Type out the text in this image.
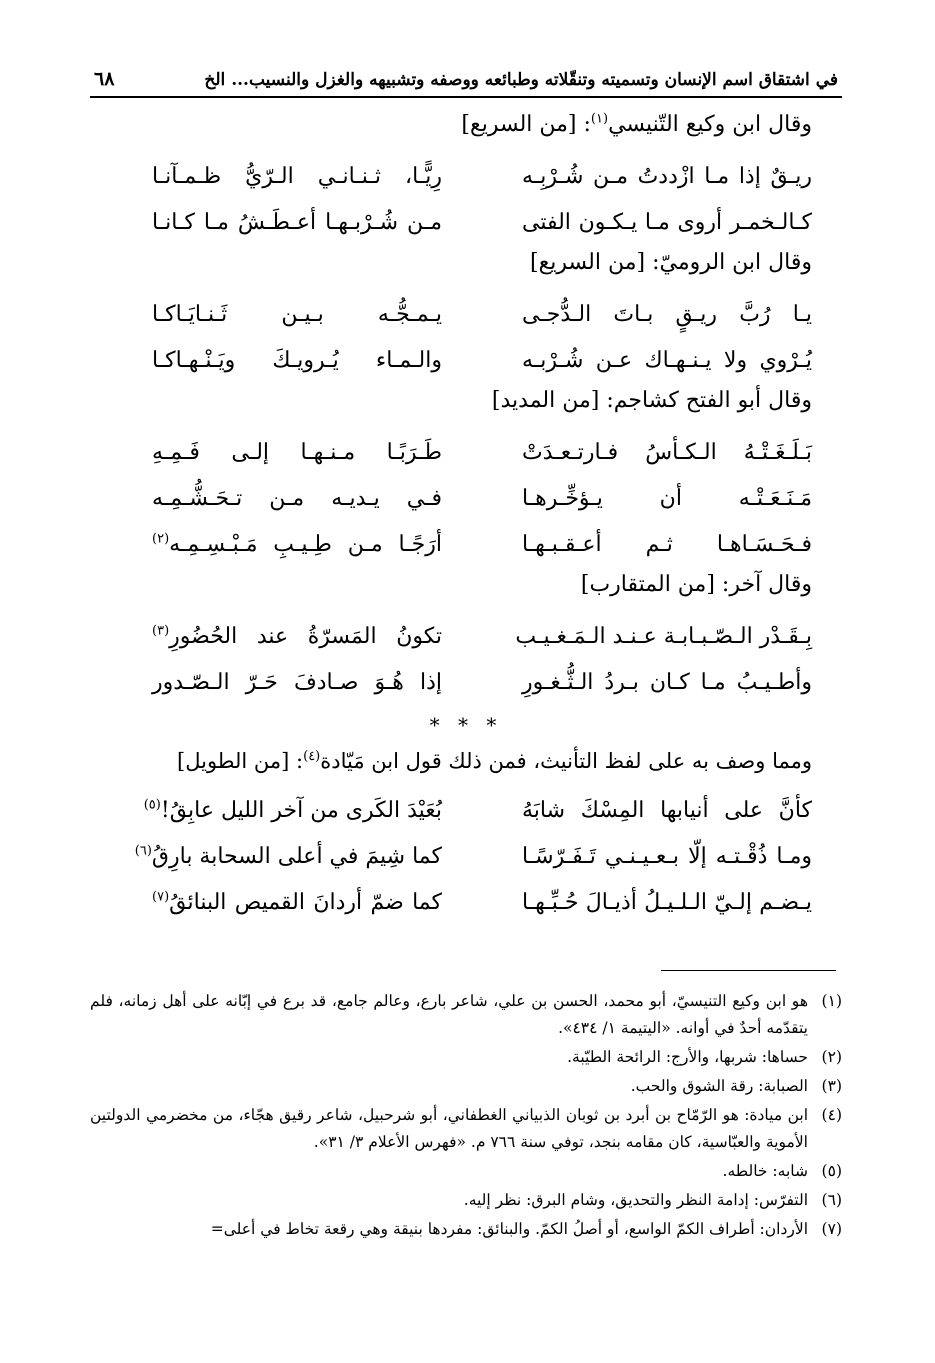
في اشتقاق اسم الإنسان وتسميته وتنقّلاته وطبائعه ووصفه وتشبيهه والغزل والنسيب... الخ
٦٨
وقال ابن وكيع التّنيسي$^{(١)}$: [من السريع]
ريـقٌ إذا مـا ازْددتُ مـن شُـرْبِـه
رِيًّـا، ثـنـانـي الـرّيُّ ظـمـآنـا
كـالـخمـر أروى مـا يـكـون الفتى
مـن شُـرْبـهـا أعـطَـشُ مـا كـانـا
وقال ابن الروميّ: [من السريع]
يـا رُبَّ ريـقٍ بـاتَ الـدُّجـى
يـمـجُّـه بـيـن ثَـنـايَـاكـا
يُـرْوي ولا يـنـهـاك عـن شُـرْبـه
والـمـاء يُـرويـكَ ويَـنْـهـاكـا
وقال أبو الفتح كشاجم: [من المديد]
بَـلَـغَـتْـهُ الـكـأسُ فـارتـعـدَتْ
طَـرَبًـا مـنـهـا إلـى فَـمِـهِ
مَـنَـعَـتْـه أن يـؤخِّـرهـا
فـي يـديـه مـن تـحَـشُّـمِـه
فـحَـسَـاهـا ثـم أعـقـبـهـا
أرَجًـا مـن طِـيـبِ مَـبْـسِـمِـه$^{(٢)}$
وقال آخر: [من المتقارب]
بِـقَـدْر الـصّـبـابـة عـنـد الـمَـغـيـب
تكونُ المَسرّةُ عند الحُضُورِ$^{(٣)}$
وأطـيـبُ مـا كـان بـردُ الـثُّـغـورِ
إذا هُـوَ صـادفَ حَـرّ الـصّـدور
* * *
ومما وصف به على لفظ التأنيث، فمن ذلك قول ابن مَيّادة$^{(٤)}$: [من الطويل]
كأنَّ على أنيابها المِسْكَ شابَهُ
بُعَيْدَ الكَرى من آخر الليل عابِقُ!$^{(٥)}$
ومـا ذُقْـتـه إلّا بـعـيـنـي تَـفَـرّسًـا
كما شِيمَ في أعلى السحابة بارِقُ$^{(٦)}$
يـضـم إلـيّ الـلـيـلُ أذيـالَ حُـبِّـهـا
كما ضمّ أردانَ القميص البنائقُ$^{(٧)}$
(١)
هو ابن وكيع التنيسيّ، أبو محمد، الحسن بن علي، شاعر بارع، وعالم جامع، قد برع في إبّانه على أهل زمانه، فلم يتقدّمه أحدٌ في أوانه. «اليتيمة ١/ ٤٣٤».
(٢)
حساها: شربها، والأرج: الرائحة الطيّبة.
(٣)
الصبابة: رقة الشوق والحب.
(٤)
ابن ميادة: هو الرّمّاح بن أبرد بن ثوبان الذبياني الغطفاني، أبو شرحبيل، شاعر رقيق هجّاء، من مخضرمي الدولتين الأموية والعبّاسية، كان مقامه بنجد، توفي سنة ٧٦٦ م. «فهرس الأعلام ٣/ ٣١».
(٥)
شابه: خالطه.
(٦)
التفرّس: إدامة النظر والتحديق، وشام البرق: نظر إليه.
(٧)
الأردان: أطراف الكمّ الواسع، أو أصلُ الكمّ. والبنائق: مفردها بنيقة وهي رقعة تخاط في أعلى=
